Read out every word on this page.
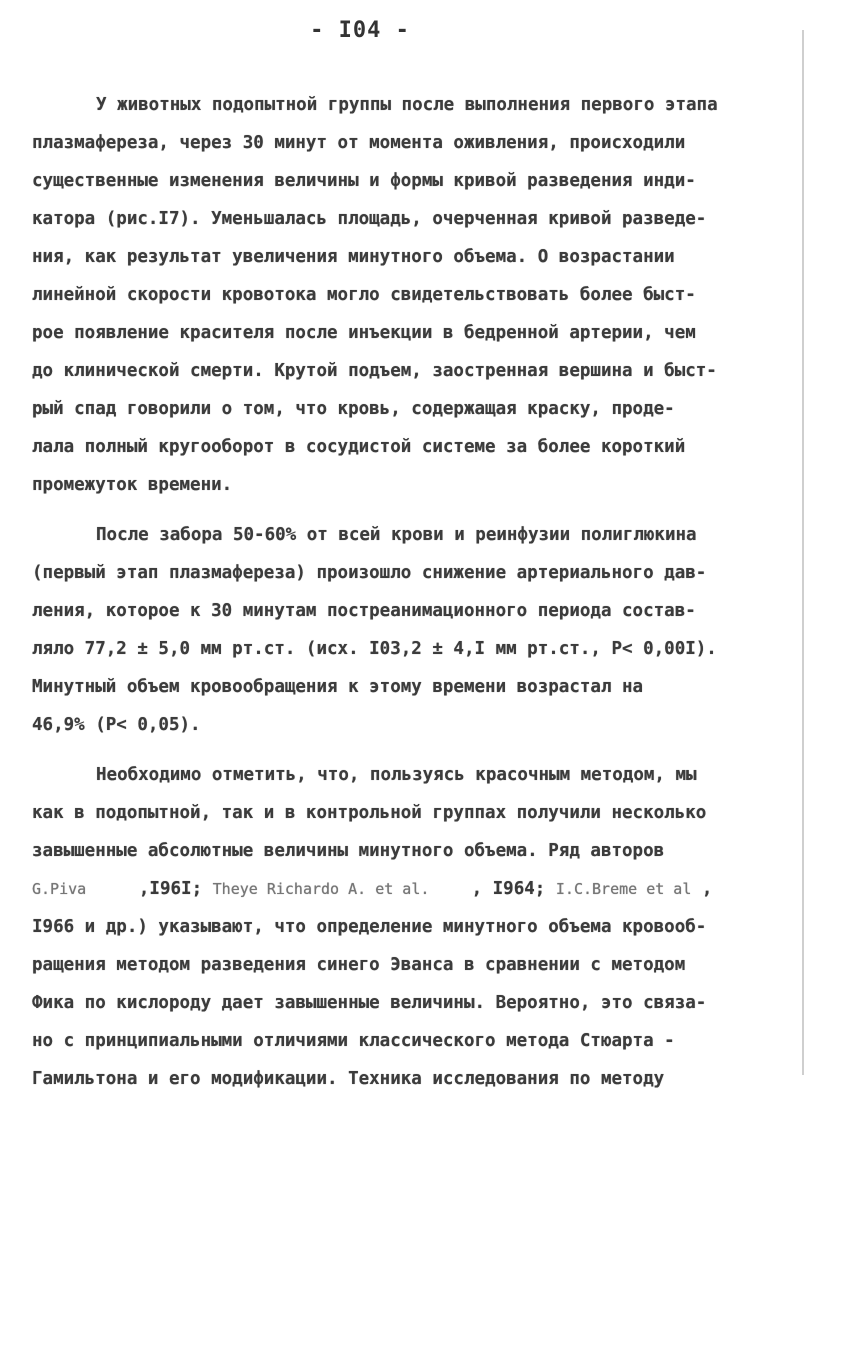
- I04 -
У животных подопытной группы после выполнения первого этапа
плазмафереза, через 30 минут от момента оживления, происходили
существенные изменения величины и формы кривой разведения инди-
катора (рис.I7). Уменьшалась площадь, очерченная кривой разведе-
ния, как результат увеличения минутного объема. О возрастании
линейной скорости кровотока могло свидетельствовать более быст-
рое появление красителя после инъекции в бедренной артерии, чем
до клинической смерти. Крутой подъем, заостренная вершина и быст-
рый спад говорили о том, что кровь, содержащая краску, проде-
лала полный кругооборот в сосудистой системе за более короткий
промежуток времени.
После забора 50-60% от всей крови и реинфузии полиглюкина
(первый этап плазмафереза) произошло снижение артериального дав-
ления, которое к 30 минутам постреанимационного периода состав-
ляло 77,2 ± 5,0 мм рт.ст. (исх. I03,2 ± 4,I мм рт.ст., P< 0,00I).
Минутный объем кровообращения к этому времени возрастал на
46,9% (P< 0,05).
Необходимо отметить, что, пользуясь красочным методом, мы
как в подопытной, так и в контрольной группах получили несколько
завышенные абсолютные величины минутного объема. Ряд авторов
G.Piva	,I96I; Theye Richardo A. et al. , I964; I.C.Breme et al ,
I966 и др.) указывают, что определение минутного объема кровооб-
ращения методом разведения синего Эванса в сравнении с методом
Фика по кислороду дает завышенные величины. Вероятно, это связа-
но с принципиальными отличиями классического метода Стюарта -
Гамильтона и его модификации. Техника исследования по методу
